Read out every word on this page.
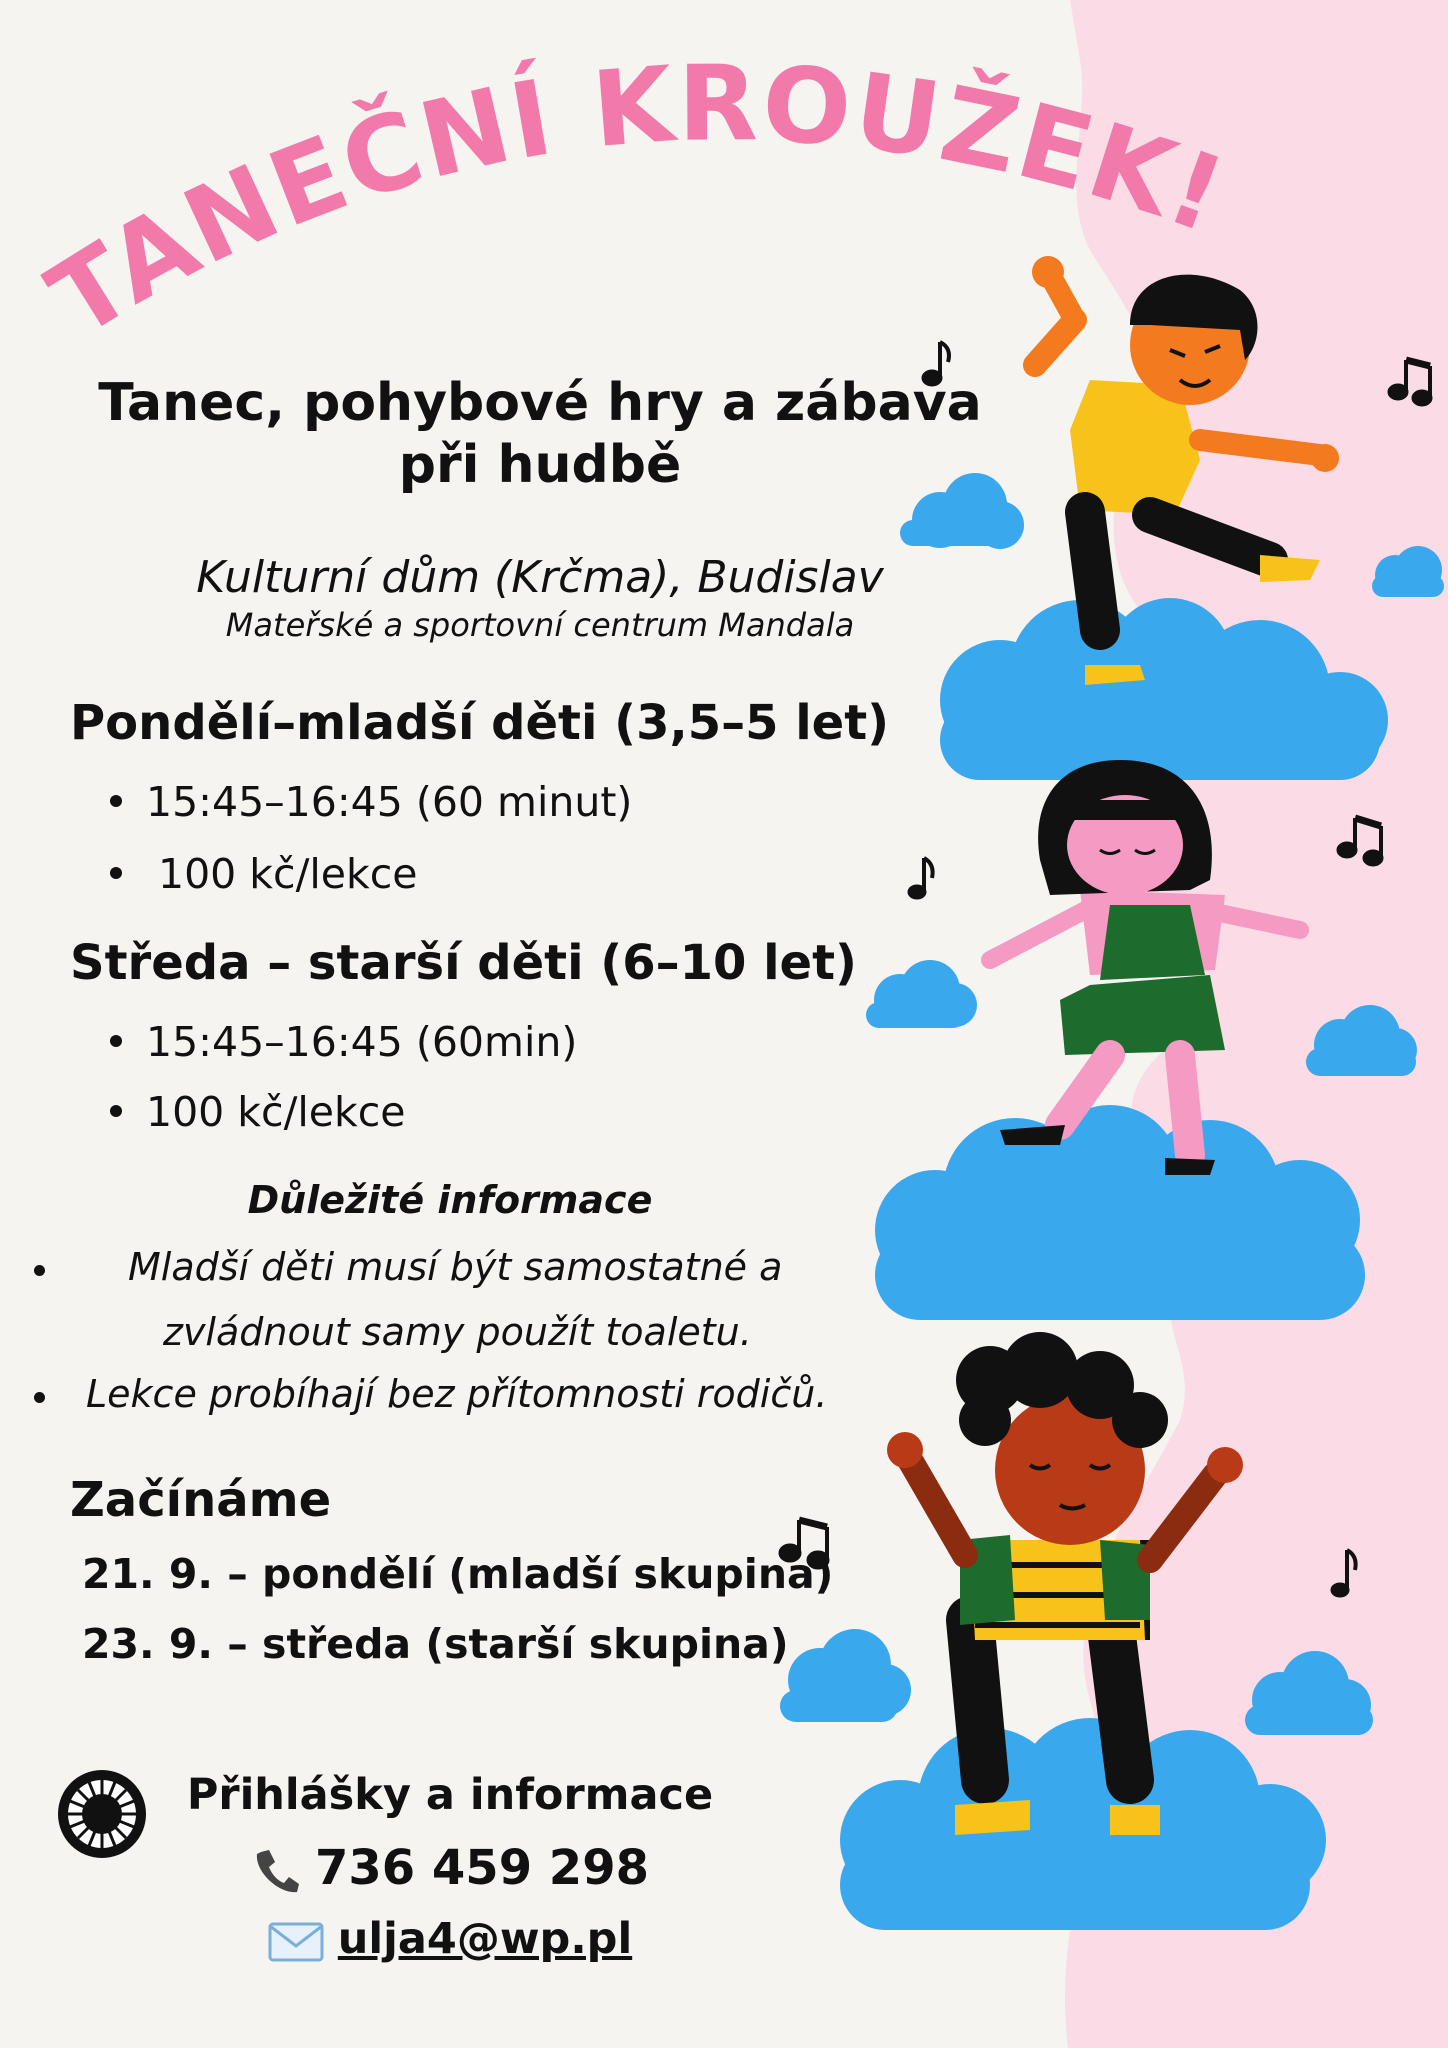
TANEČNÍ KROUŽEK!
Tanec, pohybové hry a zábava
při hudbě
Kulturní dům (Krčma), Budislav
Mateřské a sportovní centrum Mandala
Pondělí–mladší děti (3,5–5 let)
15:45–16:45 (60 minut)
100 kč/lekce
Středa – starší děti (6–10 let)
15:45–16:45 (60min)
100 kč/lekce
Důležité informace
Mladší děti musí být samostatné a
zvládnout samy použít toaletu.
Lekce probíhají bez přítomnosti rodičů.
Začínáme
21. 9. – pondělí (mladší skupina)
23. 9. – středa (starší skupina)
Přihlášky a informace
736 459 298
ulja4@wp.pl
